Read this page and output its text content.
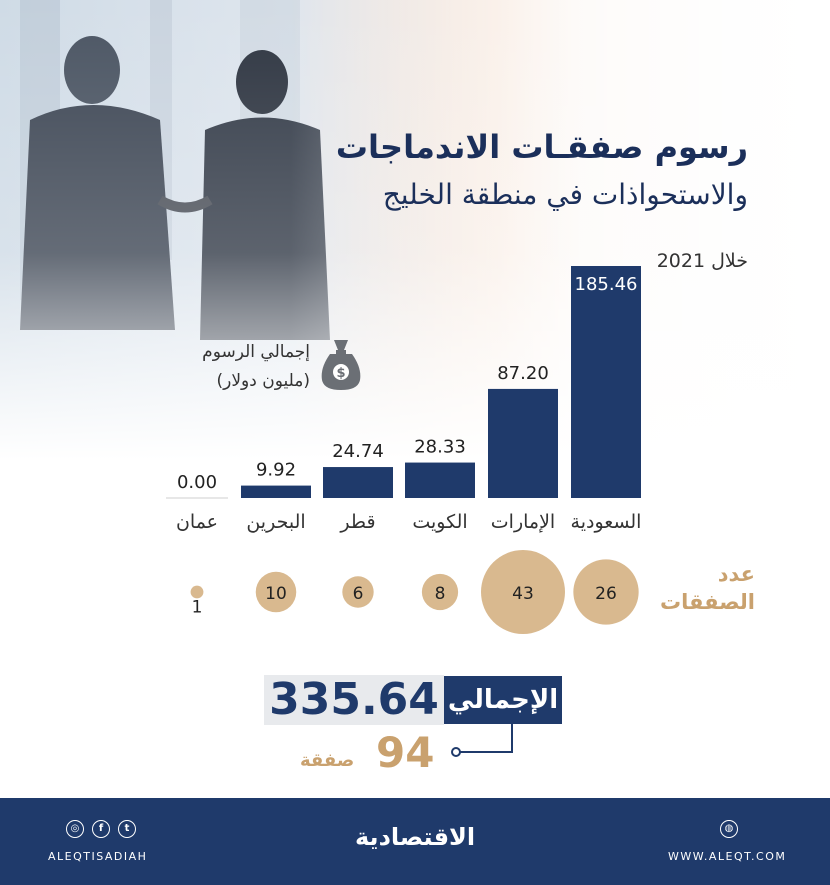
رسوم صفقـات الاندماجات
والاستحواذات في منطقة الخليج
خلال 2021
إجمالي الرسوم
(مليون دولار) $
185.46
السعودية
26
87.20
الإمارات
43
28.33
الكويت
8
24.74
قطر
6
9.92
البحرين
10
0.00
عمان
1
عدد
الصفقات
الإجمالي
335.64
94
صفقة
◎	f	t
ALEQTISADIAH
الاقتصادية	◍
WWW.ALEQT.COM
